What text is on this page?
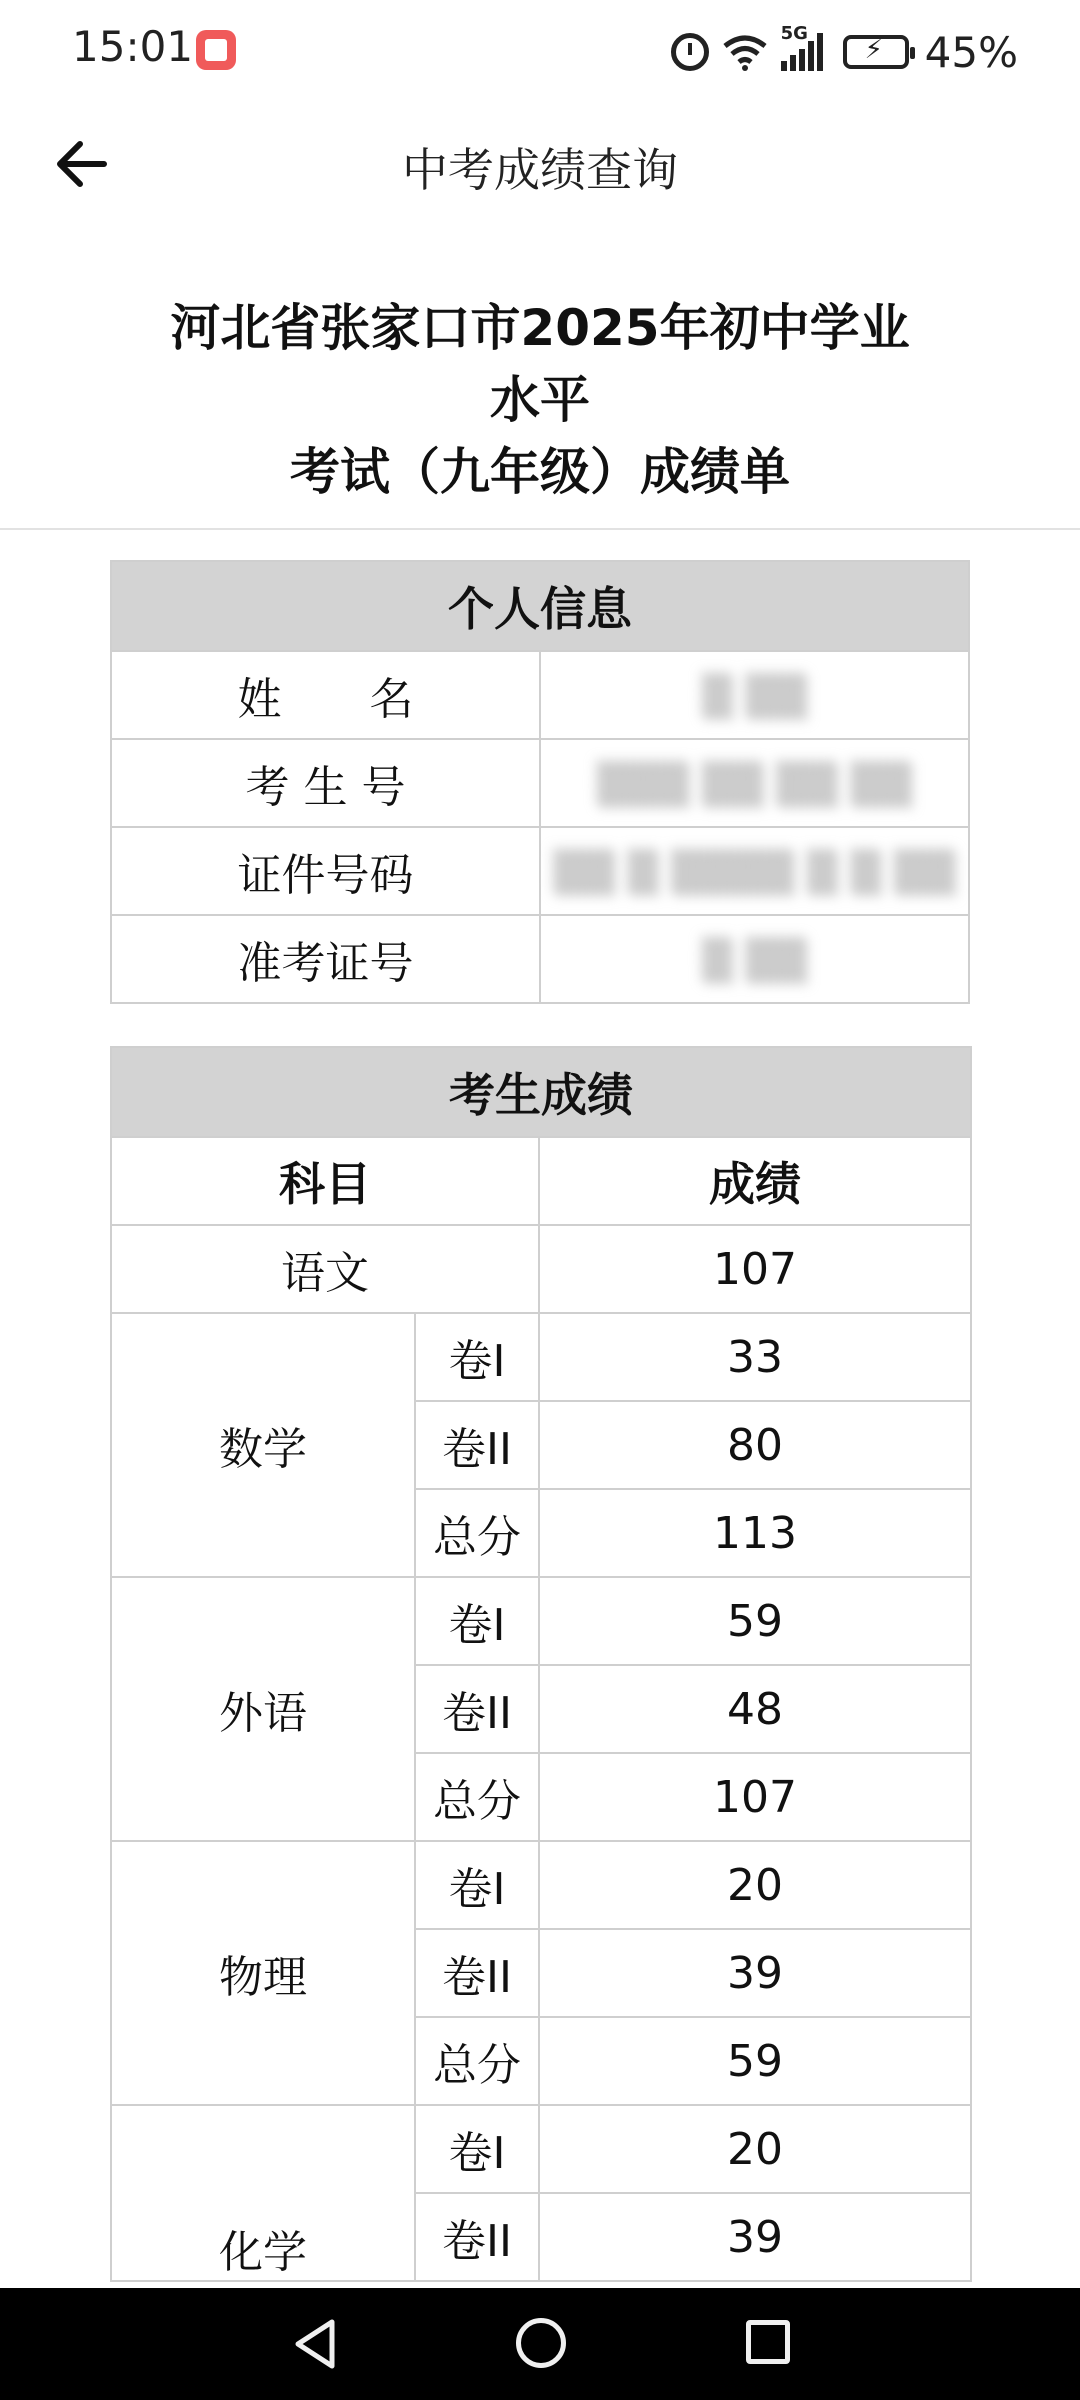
15:01	5G ⚡	45%
中考成绩查询
河北省张家口市2025年初中学业
水平
考试（九年级）成绩单
个人信息	
姓　　名	▒ ▒▒
考 生 号	▒▒▒ ▒▒ ▒▒ ▒▒
证件号码	▒▒ ▒ ▒▒▒▒ ▒ ▒ ▒▒
准考证号	▒ ▒▒
考生成绩		
科目		成绩
语文		107
数学	卷I	33
	卷II	80
	总分	113
外语	卷I	59
	卷II	48
	总分	107
物理	卷I	20
	卷II	39
	总分	59
化学	卷I	20
	卷II	39
